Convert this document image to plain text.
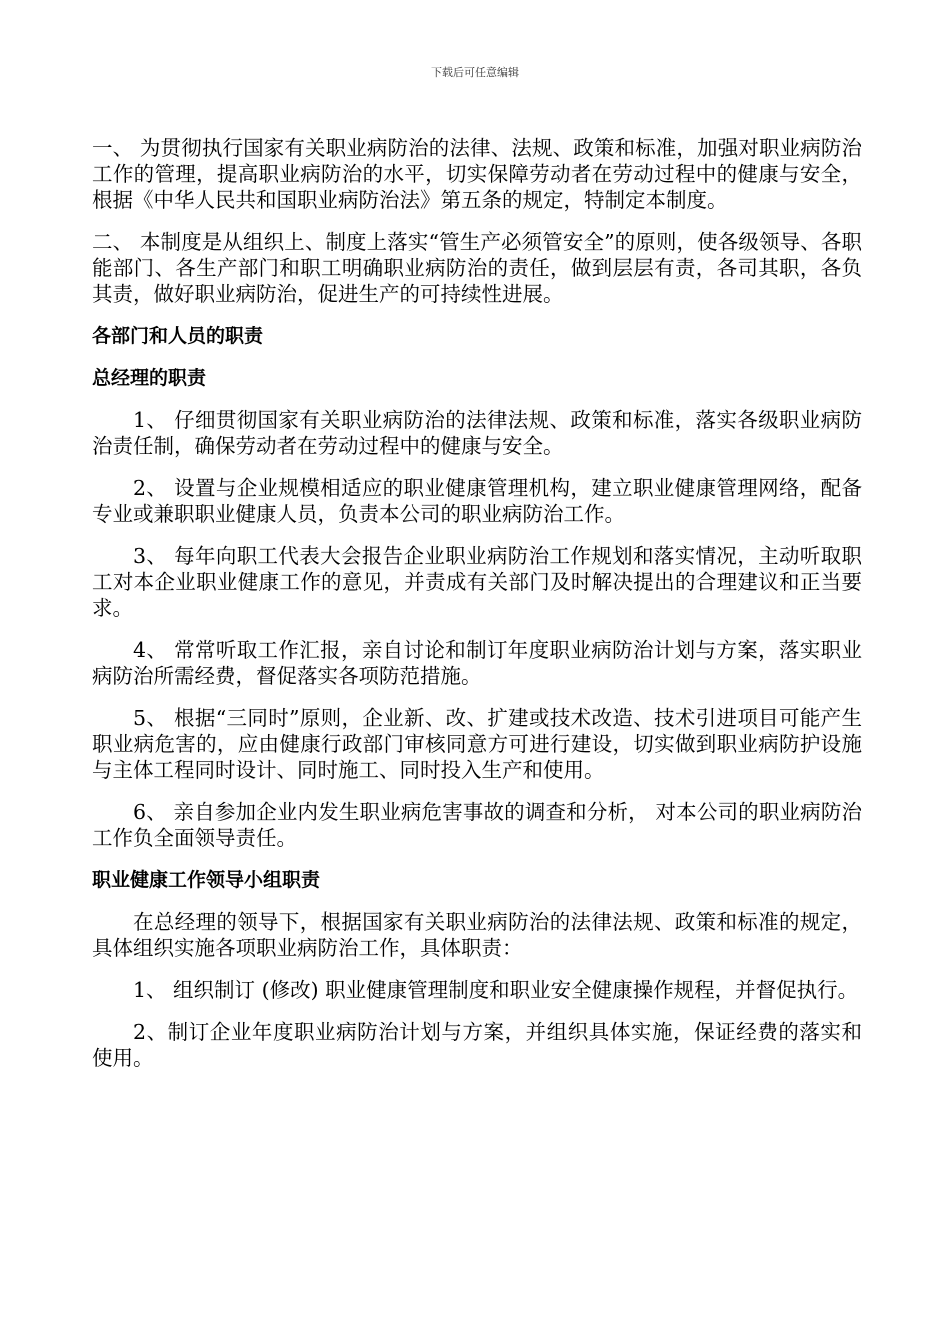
下载后可任意编辑

一、 为贯彻执行国家有关职业病防治的法律、法规、政策和标准，加强对职业病防治工作的管理，提高职业病防治的水平，切实保障劳动者在劳动过程中的健康与安全，根据《中华人民共和国职业病防治法》第五条的规定，特制定本制度。

二、 本制度是从组织上、制度上落实“管生产必须管安全”的原则，使各级领导、各职能部门、各生产部门和职工明确职业病防治的责任，做到层层有责，各司其职，各负其责，做好职业病防治，促进生产的可持续性进展。

各部门和人员的职责
总经理的职责

1、 仔细贯彻国家有关职业病防治的法律法规、政策和标准，落实各级职业病防治责任制，确保劳动者在劳动过程中的健康与安全。

2、 设置与企业规模相适应的职业健康管理机构，建立职业健康管理网络，配备专业或兼职职业健康人员，负责本公司的职业病防治工作。

3、 每年向职工代表大会报告企业职业病防治工作规划和落实情况，主动听取职工对本企业职业健康工作的意见，并责成有关部门及时解决提出的合理建议和正当要求。

4、 常常听取工作汇报，亲自讨论和制订年度职业病防治计划与方案，落实职业病防治所需经费，督促落实各项防范措施。

5、 根据“三同时”原则，企业新、改、扩建或技术改造、技术引进项目可能产生职业病危害的，应由健康行政部门审核同意方可进行建设，切实做到职业病防护设施与主体工程同时设计、同时施工、同时投入生产和使用。

6、 亲自参加企业内发生职业病危害事故的调查和分析， 对本公司的职业病防治工作负全面领导责任。

职业健康工作领导小组职责

在总经理的领导下，根据国家有关职业病防治的法律法规、政策和标准的规定，具体组织实施各项职业病防治工作，具体职责：

1、 组织制订 (修改) 职业健康管理制度和职业安全健康操作规程，并督促执行。

2、制订企业年度职业病防治计划与方案，并组织具体实施，保证经费的落实和使用。
